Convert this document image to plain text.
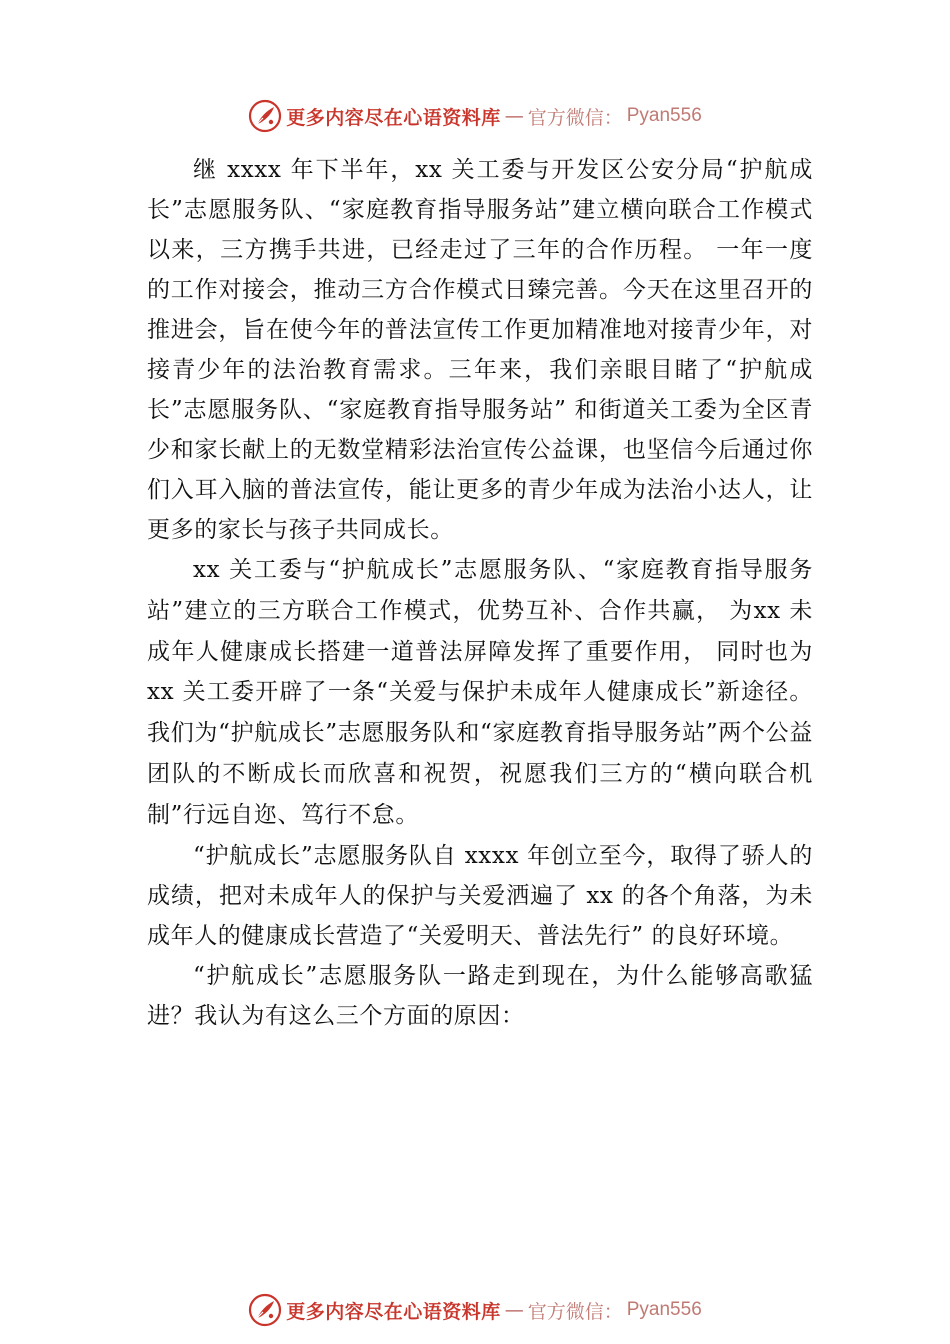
更多内容尽在心语资料库 — 官方微信： Pyan556

继 xxxx 年下半年，xx 关工委与开发区公安分局“护航成长”志愿服务队、“家庭教育指导服务站”建立横向联合工作模式以来，三方携手共进，已经走过了三年的合作历程。 一年一度的工作对接会，推动三方合作模式日臻完善。今天在这里召开的推进会，旨在使今年的普法宣传工作更加精准地对接青少年，对接青少年的法治教育需求。三年来，我们亲眼目睹了“护航成长”志愿服务队、“家庭教育指导服务站” 和街道关工委为全区青少和家长献上的无数堂精彩法治宣传公益课，也坚信今后通过你们入耳入脑的普法宣传，能让更多的青少年成为法治小达人，让更多的家长与孩子共同成长。

xx 关工委与“护航成长”志愿服务队、“家庭教育指导服务站”建立的三方联合工作模式，优势互补、合作共赢， 为xx 未成年人健康成长搭建一道普法屏障发挥了重要作用， 同时也为 xx 关工委开辟了一条“关爱与保护未成年人健康成长”新途径。我们为“护航成长”志愿服务队和“家庭教育指导服务站”两个公益团队的不断成长而欣喜和祝贺，祝愿我们三方的“横向联合机制”行远自迩、笃行不怠。

“护航成长”志愿服务队自 xxxx 年创立至今，取得了骄人的成绩，把对未成年人的保护与关爱洒遍了 xx 的各个角落，为未成年人的健康成长营造了“关爱明天、普法先行” 的良好环境。

“护航成长”志愿服务队一路走到现在，为什么能够高歌猛进？我认为有这么三个方面的原因：

更多内容尽在心语资料库 — 官方微信： Pyan556
